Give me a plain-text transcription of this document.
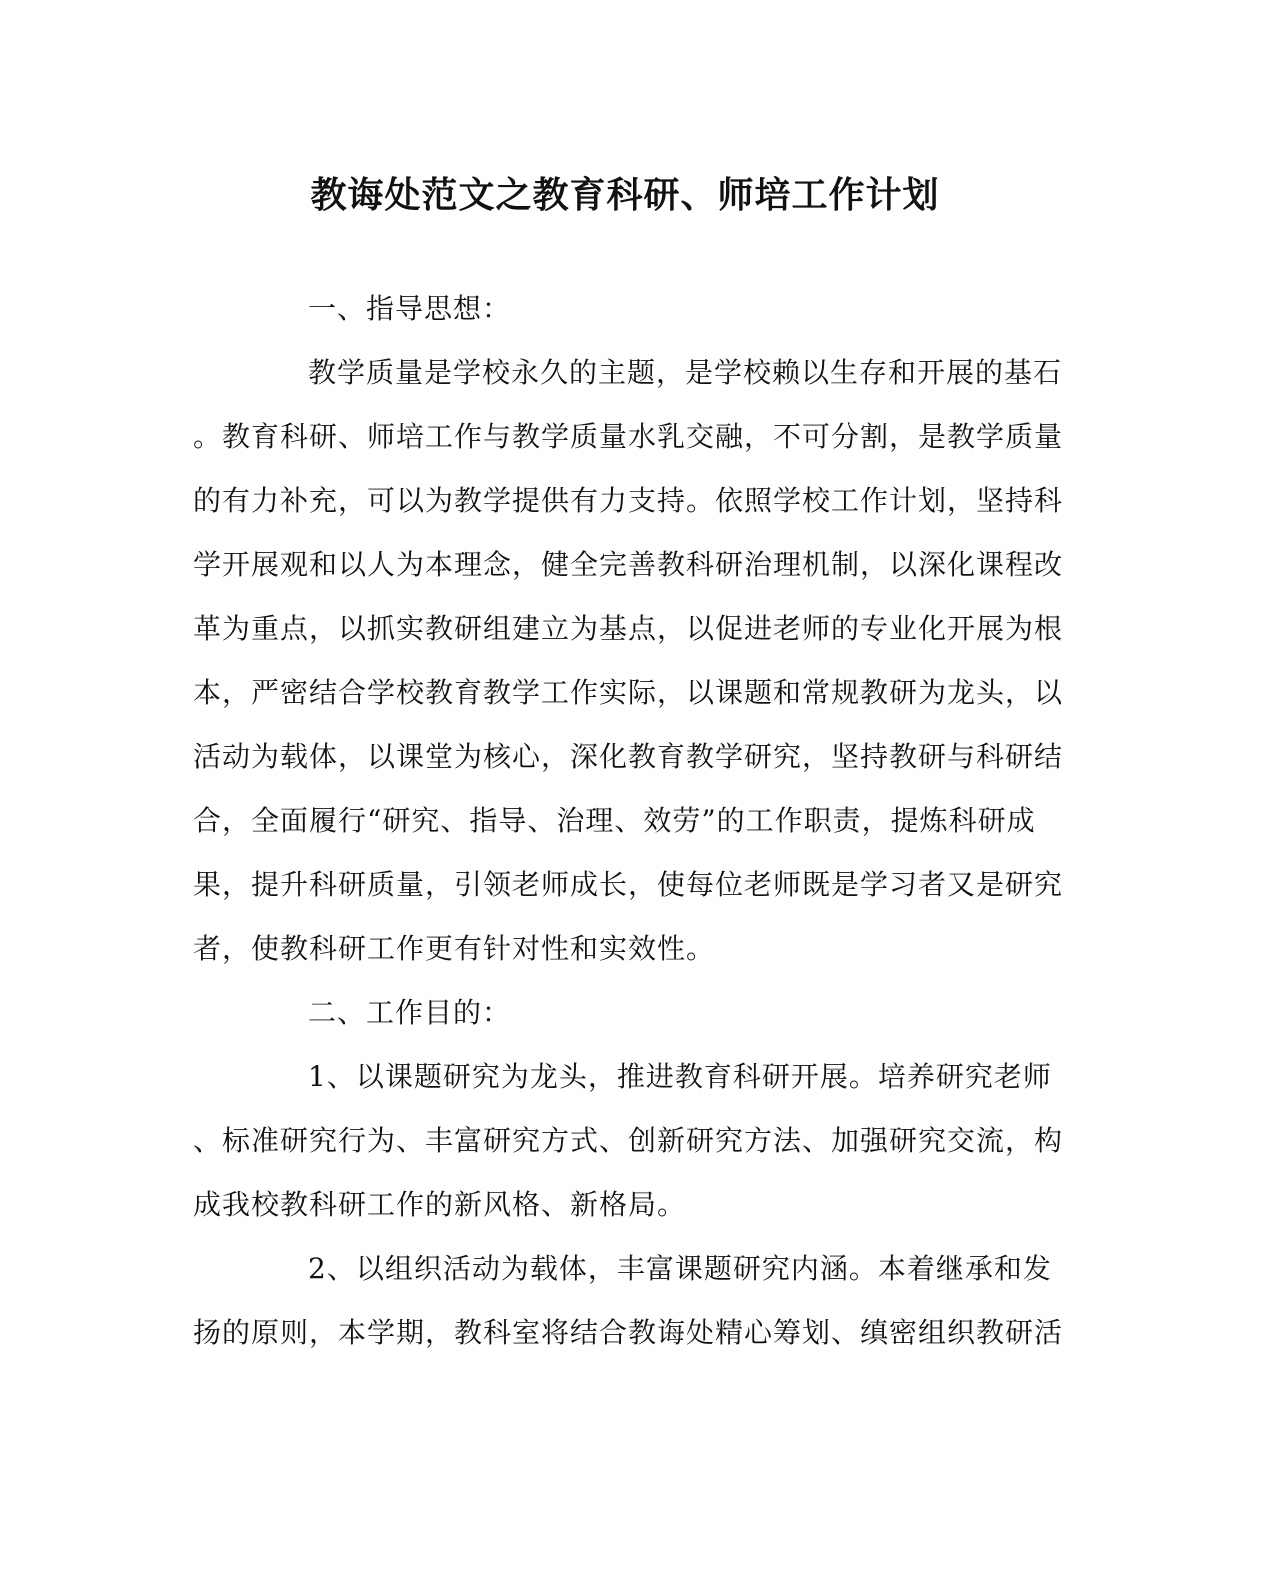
教诲处范文之教育科研、师培工作计划
一、指导思想：
教学质量是学校永久的主题，是学校赖以生存和开展的基石
。教育科研、师培工作与教学质量水乳交融，不可分割，是教学质量
的有力补充，可以为教学提供有力支持。依照学校工作计划，坚持科
学开展观和以人为本理念，健全完善教科研治理机制，以深化课程改
革为重点，以抓实教研组建立为基点，以促进老师的专业化开展为根
本，严密结合学校教育教学工作实际，以课题和常规教研为龙头，以
活动为载体，以课堂为核心，深化教育教学研究，坚持教研与科研结
合，全面履行“研究、指导、治理、效劳”的工作职责，提炼科研成
果，提升科研质量，引领老师成长，使每位老师既是学习者又是研究
者，使教科研工作更有针对性和实效性。
二、工作目的：
1、以课题研究为龙头，推进教育科研开展。培养研究老师
、标准研究行为、丰富研究方式、创新研究方法、加强研究交流，构
成我校教科研工作的新风格、新格局。
2、以组织活动为载体，丰富课题研究内涵。本着继承和发
扬的原则，本学期，教科室将结合教诲处精心筹划、缜密组织教研活
